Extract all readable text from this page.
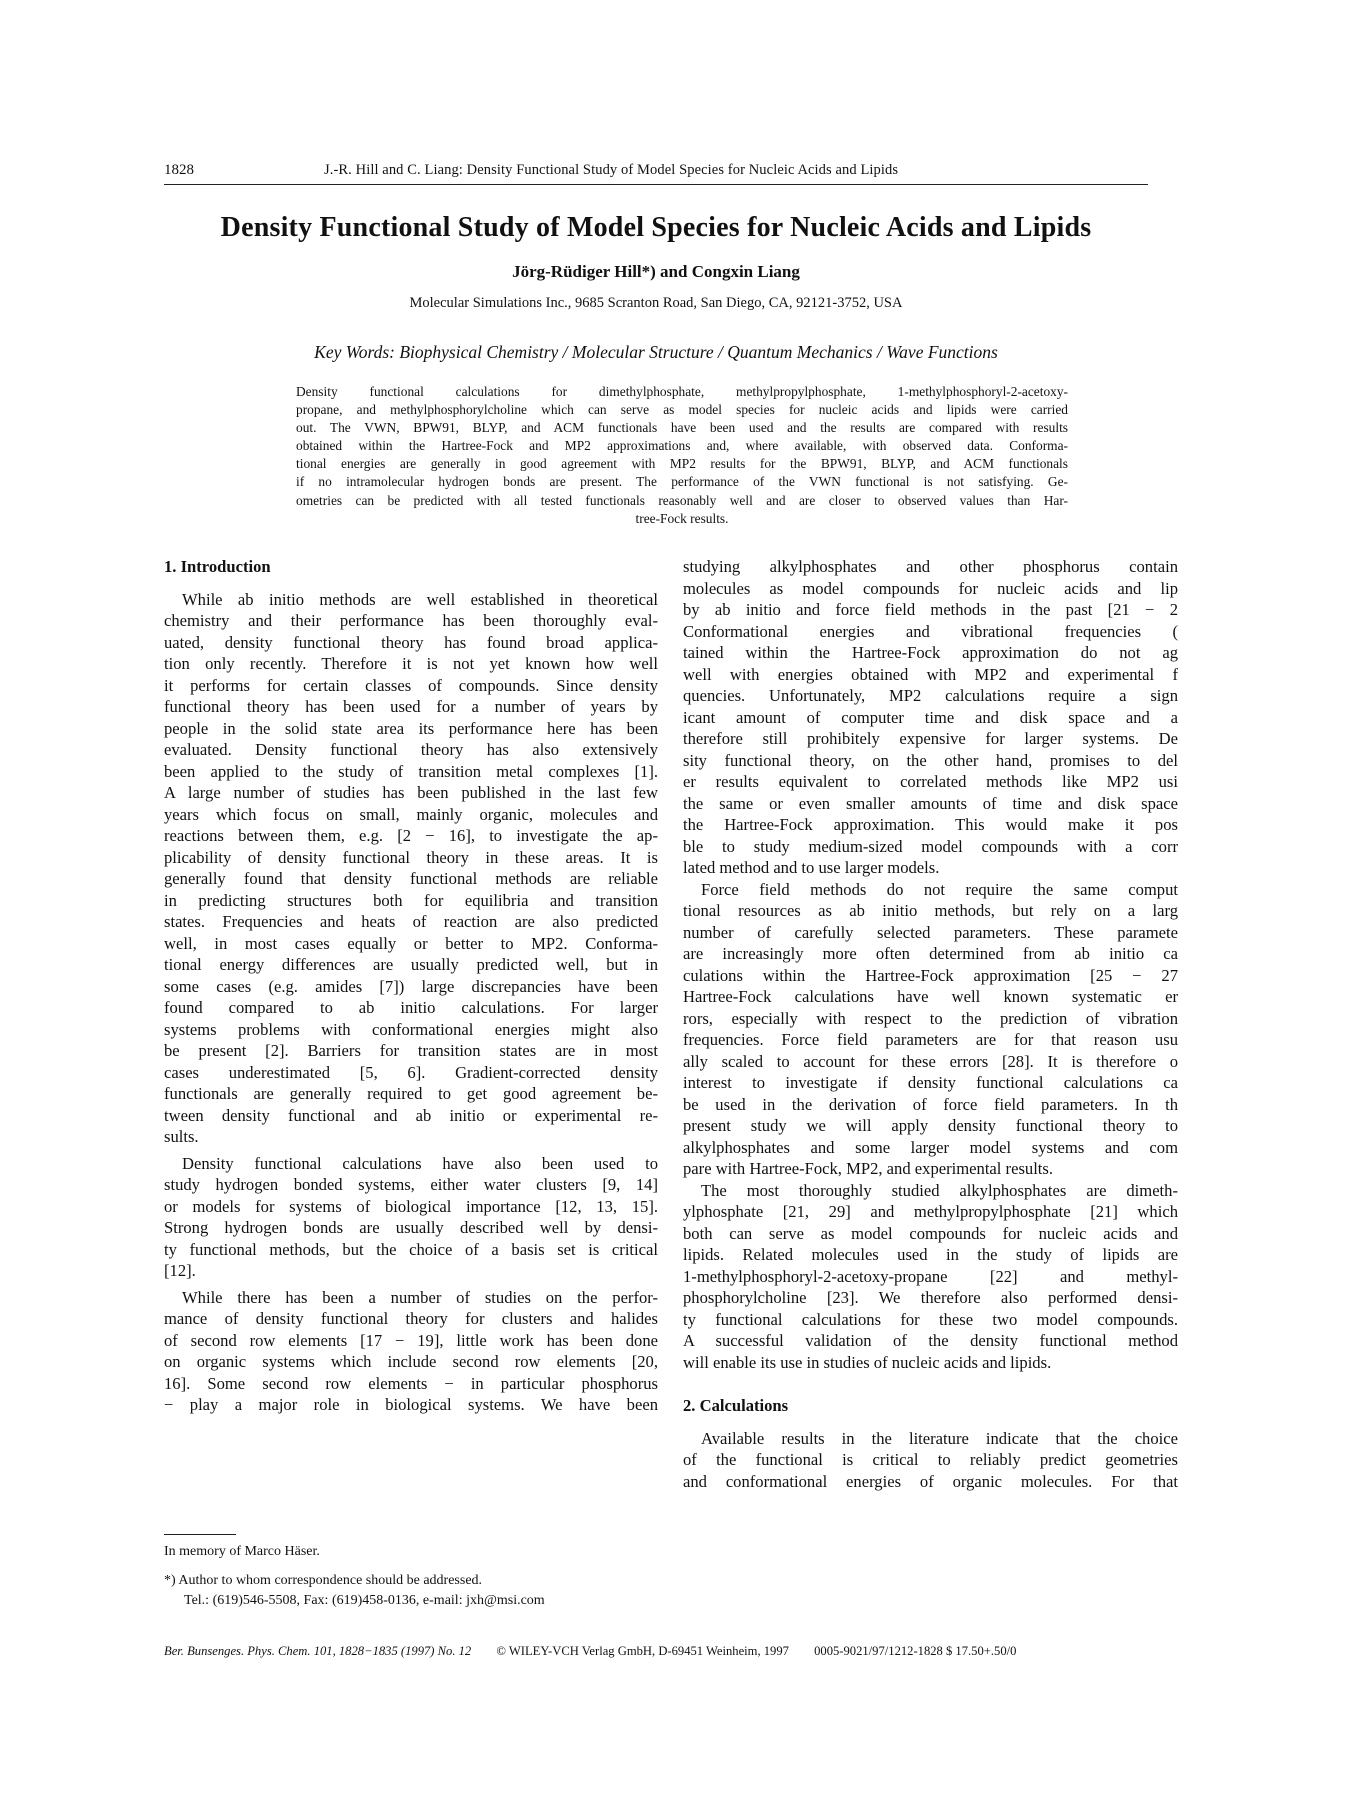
1828	J.-R. Hill and C. Liang: Density Functional Study of Model Species for Nucleic Acids and Lipids
Density Functional Study of Model Species for Nucleic Acids and Lipids
Jörg-Rüdiger Hill*) and Congxin Liang
Molecular Simulations Inc., 9685 Scranton Road, San Diego, CA, 92121-3752, USA
Key Words: Biophysical Chemistry / Molecular Structure / Quantum Mechanics / Wave Functions
Density functional calculations for dimethylphosphate, methylpropylphosphate, 1-methylphosphoryl-2-acetoxy-
propane, and methylphosphorylcholine which can serve as model species for nucleic acids and lipids were carried
out. The VWN, BPW91, BLYP, and ACM functionals have been used and the results are compared with results
obtained within the Hartree-Fock and MP2 approximations and, where available, with observed data. Conforma-
tional energies are generally in good agreement with MP2 results for the BPW91, BLYP, and ACM functionals
if no intramolecular hydrogen bonds are present. The performance of the VWN functional is not satisfying. Ge-
ometries can be predicted with all tested functionals reasonably well and are closer to observed values than Har-
tree-Fock results.
1. Introduction
While ab initio methods are well established in theoretical
chemistry and their performance has been thoroughly eval-
uated, density functional theory has found broad applica-
tion only recently. Therefore it is not yet known how well
it performs for certain classes of compounds. Since density
functional theory has been used for a number of years by
people in the solid state area its performance here has been
evaluated. Density functional theory has also extensively
been applied to the study of transition metal complexes [1].
A large number of studies has been published in the last few
years which focus on small, mainly organic, molecules and
reactions between them, e.g. [2 − 16], to investigate the ap-
plicability of density functional theory in these areas. It is
generally found that density functional methods are reliable
in predicting structures both for equilibria and transition
states. Frequencies and heats of reaction are also predicted
well, in most cases equally or better to MP2. Conforma-
tional energy differences are usually predicted well, but in
some cases (e.g. amides [7]) large discrepancies have been
found compared to ab initio calculations. For larger
systems problems with conformational energies might also
be present [2]. Barriers for transition states are in most
cases underestimated [5, 6]. Gradient-corrected density
functionals are generally required to get good agreement be-
tween density functional and ab initio or experimental re-
sults.
Density functional calculations have also been used to
study hydrogen bonded systems, either water clusters [9, 14]
or models for systems of biological importance [12, 13, 15].
Strong hydrogen bonds are usually described well by densi-
ty functional methods, but the choice of a basis set is critical
[12].
While there has been a number of studies on the perfor-
mance of density functional theory for clusters and halides
of second row elements [17 − 19], little work has been done
on organic systems which include second row elements [20,
16]. Some second row elements − in particular phosphorus
− play a major role in biological systems. We have been
studying alkylphosphates and other phosphorus contain
molecules as model compounds for nucleic acids and lip
by ab initio and force field methods in the past [21 − 2
Conformational energies and vibrational frequencies (
tained within the Hartree-Fock approximation do not ag
well with energies obtained with MP2 and experimental f
quencies. Unfortunately, MP2 calculations require a sign
icant amount of computer time and disk space and a
therefore still prohibitely expensive for larger systems. De
sity functional theory, on the other hand, promises to del
er results equivalent to correlated methods like MP2 usi
the same or even smaller amounts of time and disk space
the Hartree-Fock approximation. This would make it pos
ble to study medium-sized model compounds with a corr
lated method and to use larger models.
Force field methods do not require the same comput
tional resources as ab initio methods, but rely on a larg
number of carefully selected parameters. These paramete
are increasingly more often determined from ab initio ca
culations within the Hartree-Fock approximation [25 − 27
Hartree-Fock calculations have well known systematic er
rors, especially with respect to the prediction of vibration
frequencies. Force field parameters are for that reason usu
ally scaled to account for these errors [28]. It is therefore o
interest to investigate if density functional calculations ca
be used in the derivation of force field parameters. In th
present study we will apply density functional theory to
alkylphosphates and some larger model systems and com
pare with Hartree-Fock, MP2, and experimental results.
The most thoroughly studied alkylphosphates are dimeth-
ylphosphate [21, 29] and methylpropylphosphate [21] which
both can serve as model compounds for nucleic acids and
lipids. Related molecules used in the study of lipids are
1-methylphosphoryl-2-acetoxy-propane [22] and methyl-
phosphorylcholine [23]. We therefore also performed densi-
ty functional calculations for these two model compounds.
A successful validation of the density functional method
will enable its use in studies of nucleic acids and lipids.
2. Calculations
Available results in the literature indicate that the choice
of the functional is critical to reliably predict geometries
and conformational energies of organic molecules. For that
In memory of Marco Häser.
*) Author to whom correspondence should be addressed.
Tel.: (619)546-5508, Fax: (619)458-0136, e-mail: jxh@msi.com
Ber. Bunsenges. Phys. Chem. 101, 1828−1835 (1997) No. 12 © WILEY-VCH Verlag GmbH, D-69451 Weinheim, 1997 0005-9021/97/1212-1828 $ 17.50+.50/0
